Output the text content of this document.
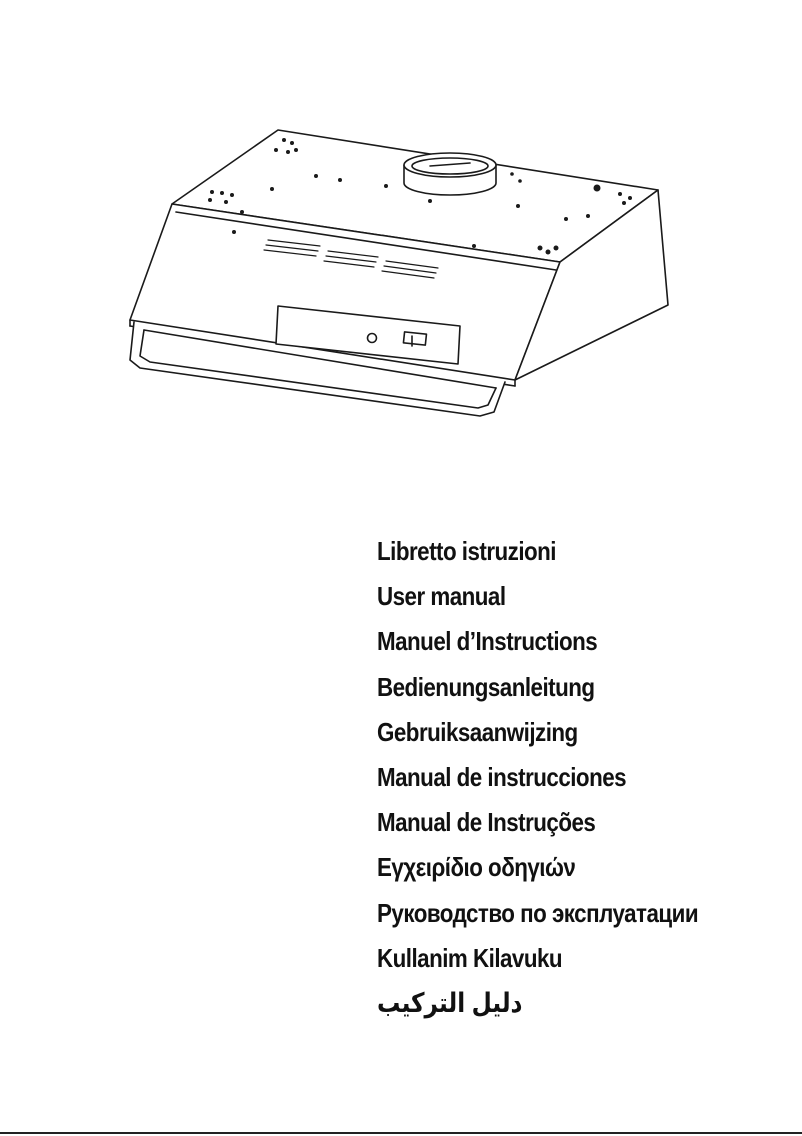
Libretto istruzioni
User manual
Manuel d’Instructions
Bedienungsanleitung
Gebruiksaanwijzing
Manual de instrucciones
Manual de Instruções
Εγχειρίδιο οδηγιών
Руководство по эксплуатации
Kullanim Kilavuku
دليل التركيب
